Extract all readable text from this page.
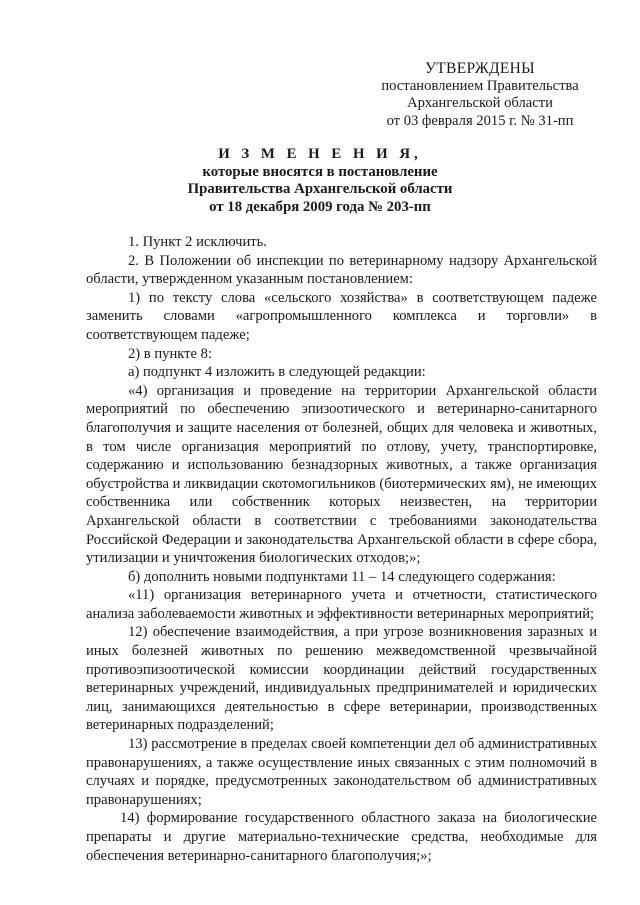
УТВЕРЖДЕНЫ
постановлением Правительства
Архангельской области
от 03 февраля 2015 г. № 31-пп
И З М Е Н Е Н И Я,
которые вносятся в постановление
Правительства Архангельской области
от 18 декабря 2009 года № 203-пп

1. Пункт 2 исключить.

2. В Положении об инспекции по ветеринарному надзору Архангельской области, утвержденном указанным постановлением:

1) по тексту слова «сельского хозяйства» в соответствующем падеже заменить словами «агропромышленного комплекса и торговли» в соответствующем падеже;

2) в пункте 8:

а) подпункт 4 изложить в следующей редакции:

«4) организация и проведение на территории Архангельской области мероприятий по обеспечению эпизоотического и ветеринарно-санитарного благополучия и защите населения от болезней, общих для человека и животных, в том числе организация мероприятий по отлову, учету, транспортировке, содержанию и использованию безнадзорных животных, а также организация обустройства и ликвидации скотомогильников (биотермических ям), не имеющих собственника или собственник которых неизвестен, на территории Архангельской области в соответствии с требованиями законодательства Российской Федерации и законодательства Архангельской области в сфере сбора, утилизации и уничтожения биологических отходов;»;

б) дополнить новыми подпунктами 11 – 14 следующего содержания:

«11) организация ветеринарного учета и отчетности, статистического анализа заболеваемости животных и эффективности ветеринарных мероприятий;

12) обеспечение взаимодействия, а при угрозе возникновения заразных и иных болезней животных по решению межведомственной чрезвычайной противоэпизоотической комиссии координации действий государственных ветеринарных учреждений, индивидуальных предпринимателей и юридических лиц, занимающихся деятельностью в сфере ветеринарии, производственных ветеринарных подразделений;

13) рассмотрение в пределах своей компетенции дел об административных правонарушениях, а также осуществление иных связанных с этим полномочий в случаях и порядке, предусмотренных законодательством об административных правонарушениях;

14) формирование государственного областного заказа на биологические препараты и другие материально-технические средства, необходимые для обеспечения ветеринарно-санитарного благополучия;»;
